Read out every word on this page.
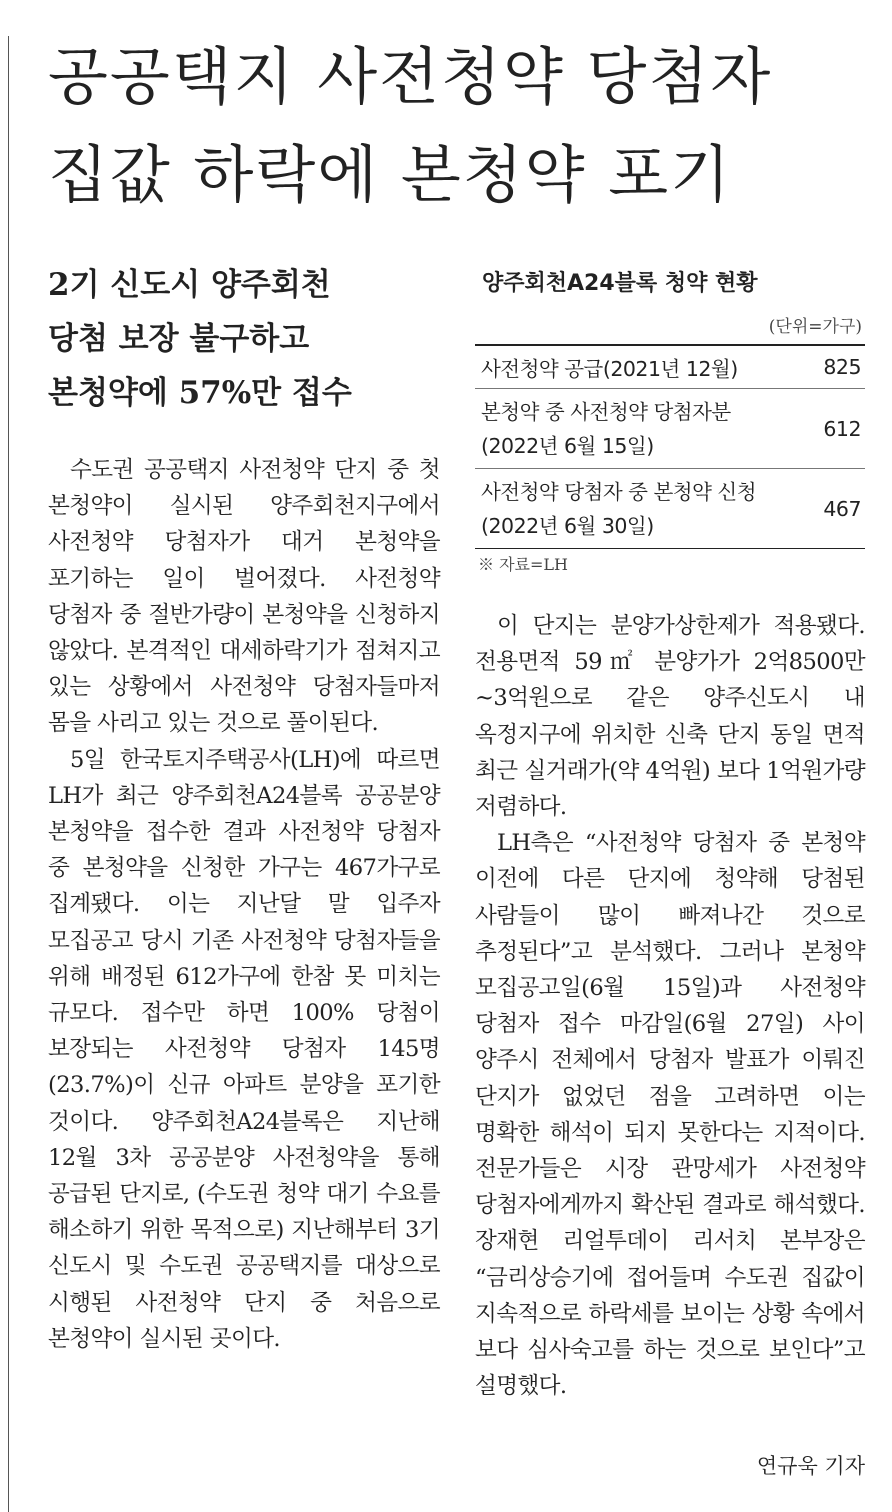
공공택지 사전청약 당첨자
집값 하락에 본청약 포기
2기 신도시 양주회천
당첨 보장 불구하고
본청약에 57%만 접수

수도권 공공택지 사전청약 단지 중 첫 본청약이 실시된 양주회천지구에서 사전청약 당첨자가 대거 본청약을 포기하는 일이 벌어졌다. 사전청약 당첨자 중 절반가량이 본청약을 신청하지 않았다. 본격적인 대세하락기가 점쳐지고 있는 상황에서 사전청약 당첨자들마저 몸을 사리고 있는 것으로 풀이된다.

5일 한국토지주택공사(LH)에 따르면 LH가 최근 양주회천A24블록 공공분양 본청약을 접수한 결과 사전청약 당첨자 중 본청약을 신청한 가구는 467가구로 집계됐다. 이는 지난달 말 입주자 모집공고 당시 기존 사전청약 당첨자들을 위해 배정된 612가구에 한참 못 미치는 규모다. 접수만 하면 100% 당첨이 보장되는 사전청약 당첨자 145명(23.7%)이 신규 아파트 분양을 포기한 것이다. 양주회천A24블록은 지난해 12월 3차 공공분양 사전청약을 통해 공급된 단지로, (수도권 청약 대기 수요를 해소하기 위한 목적으로) 지난해부터 3기 신도시 및 수도권 공공택지를 대상으로 시행된 사전청약 단지 중 처음으로 본청약이 실시된 곳이다.

양주회천A24블록 청약 현황
(단위=가구)
사전청약 공급(2021년 12월)	825

본청약 중 사전청약 당첨자분
(2022년 6월 15일)	612

사전청약 당첨자 중 본청약 신청
(2022년 6월 30일)	467
※ 자료=LH

이 단지는 분양가상한제가 적용됐다. 전용면적 59㎡ 분양가가 2억8500만~3억원으로 같은 양주신도시 내 옥정지구에 위치한 신축 단지 동일 면적 최근 실거래가(약 4억원) 보다 1억원가량 저렴하다.

LH측은 “사전청약 당첨자 중 본청약 이전에 다른 단지에 청약해 당첨된 사람들이 많이 빠져나간 것으로 추정된다”고 분석했다. 그러나 본청약 모집공고일(6월 15일)과 사전청약 당첨자 접수 마감일(6월 27일) 사이 양주시 전체에서 당첨자 발표가 이뤄진 단지가 없었던 점을 고려하면 이는 명확한 해석이 되지 못한다는 지적이다. 전문가들은 시장 관망세가 사전청약 당첨자에게까지 확산된 결과로 해석했다. 장재현 리얼투데이 리서치 본부장은 “금리상승기에 접어들며 수도권 집값이 지속적으로 하락세를 보이는 상황 속에서 보다 심사숙고를 하는 것으로 보인다”고 설명했다.

연규욱 기자
